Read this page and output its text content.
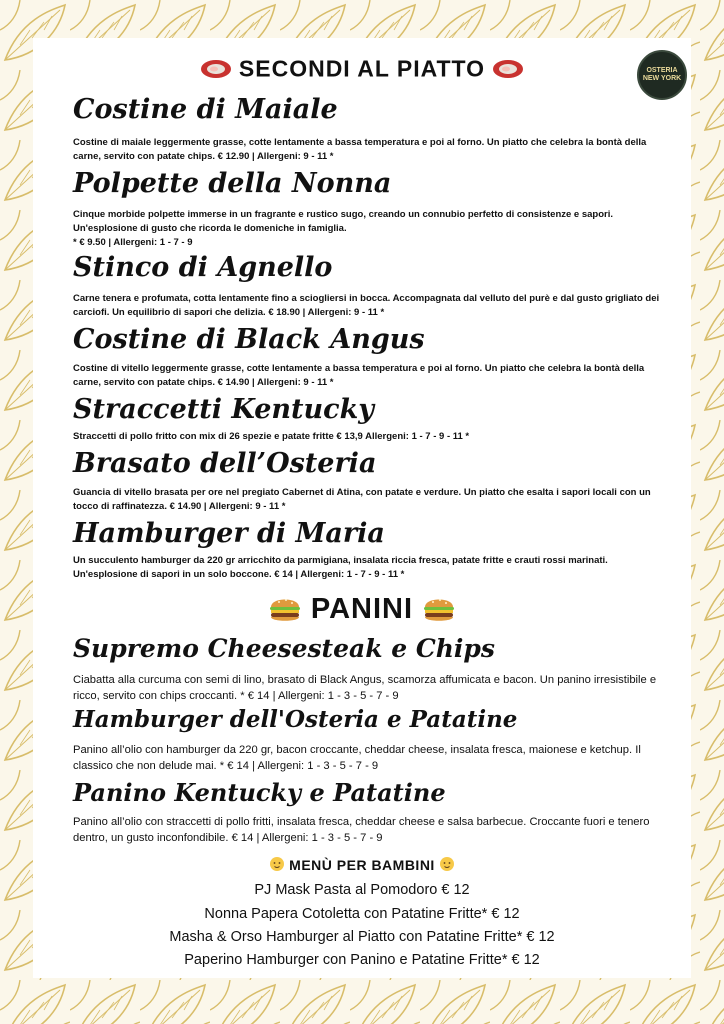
SECONDI AL PIATTO	OSTERIA NEW YORK
Costine di Maiale
Costine di maiale leggermente grasse, cotte lentamente a bassa temperatura e poi al forno. Un piatto che celebra la bontà della carne, servito con patate chips. € 12.90 | Allergeni: 9 - 11 *
Polpette della Nonna
Cinque morbide polpette immerse in un fragrante e rustico sugo, creando un connubio perfetto di consistenze e sapori. Un'esplosione di gusto che ricorda le domeniche in famiglia.
* € 9.50 | Allergeni: 1 - 7 - 9
Stinco di Agnello
Carne tenera e profumata, cotta lentamente fino a sciogliersi in bocca. Accompagnata dal velluto del purè e dal gusto grigliato dei carciofi. Un equilibrio di sapori che delizia. € 18.90 | Allergeni: 9 - 11 *
Costine di Black Angus
Costine di vitello leggermente grasse, cotte lentamente a bassa temperatura e poi al forno. Un piatto che celebra la bontà della carne, servito con patate chips. € 14.90 | Allergeni: 9 - 11 *
Straccetti Kentucky
Straccetti di pollo fritto con mix di 26 spezie e patate fritte € 13,9 Allergeni: 1 - 7 - 9 - 11 *
Brasato dell’Osteria
Guancia di vitello brasata per ore nel pregiato Cabernet di Atina, con patate e verdure. Un piatto che esalta i sapori locali con un tocco di raffinatezza. € 14.90 | Allergeni: 9 - 11 *
Hamburger di Maria
Un succulento hamburger da 220 gr arricchito da parmigiana, insalata riccia fresca, patate fritte e crauti rossi marinati. Un'esplosione di sapori in un solo boccone. € 14 | Allergeni: 1 - 7 - 9 - 11 *
PANINI
Supremo Cheesesteak e Chips
Ciabatta alla curcuma con semi di lino, brasato di Black Angus, scamorza affumicata e bacon. Un panino irresistibile e ricco, servito con chips croccanti. * € 14 | Allergeni: 1 - 3 - 5 - 7 - 9
Hamburger dell'Osteria e Patatine
Panino all’olio con hamburger da 220 gr, bacon croccante, cheddar cheese, insalata fresca, maionese e ketchup. Il classico che non delude mai. * € 14 | Allergeni: 1 - 3 - 5 - 7 - 9
Panino Kentucky e Patatine
Panino all’olio con straccetti di pollo fritti, insalata fresca, cheddar cheese e salsa barbecue. Croccante fuori e tenero dentro, un gusto inconfondibile. € 14 | Allergeni: 1 - 3 - 5 - 7 - 9
MENÙ PER BAMBINI
PJ Mask Pasta al Pomodoro € 12
Nonna Papera Cotoletta con Patatine Fritte* € 12
Masha & Orso Hamburger al Piatto con Patatine Fritte* € 12
Paperino Hamburger con Panino e Patatine Fritte* € 12
